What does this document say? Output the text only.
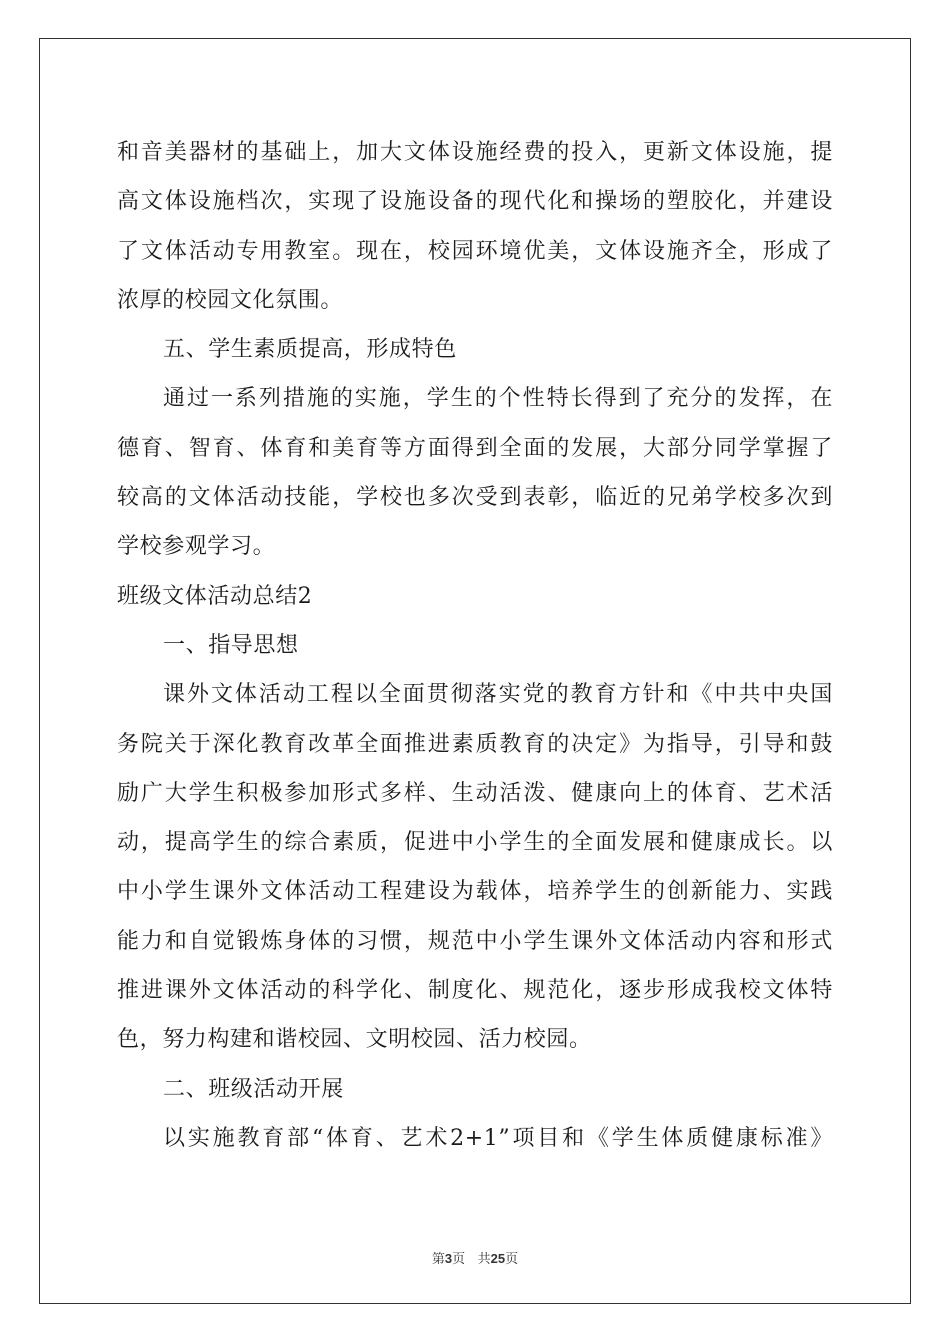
和音美器材的基础上，加大文体设施经费的投入，更新文体设施，提
高文体设施档次，实现了设施设备的现代化和操场的塑胶化，并建设
了文体活动专用教室。现在，校园环境优美，文体设施齐全，形成了
浓厚的校园文化氛围。
五、学生素质提高，形成特色
通过一系列措施的实施，学生的个性特长得到了充分的发挥，在
德育、智育、体育和美育等方面得到全面的发展，大部分同学掌握了
较高的文体活动技能，学校也多次受到表彰，临近的兄弟学校多次到
学校参观学习。
班级文体活动总结2
一、指导思想
课外文体活动工程以全面贯彻落实党的教育方针和《中共中央国
务院关于深化教育改革全面推进素质教育的决定》为指导，引导和鼓
励广大学生积极参加形式多样、生动活泼、健康向上的体育、艺术活
动，提高学生的综合素质，促进中小学生的全面发展和健康成长。以
中小学生课外文体活动工程建设为载体，培养学生的创新能力、实践
能力和自觉锻炼身体的习惯，规范中小学生课外文体活动内容和形式
推进课外文体活动的科学化、制度化、规范化，逐步形成我校文体特
色，努力构建和谐校园、文明校园、活力校园。
二、班级活动开展
以实施教育部“体育、艺术2+1”项目和《学生体质健康标准》
第3页 共25页
